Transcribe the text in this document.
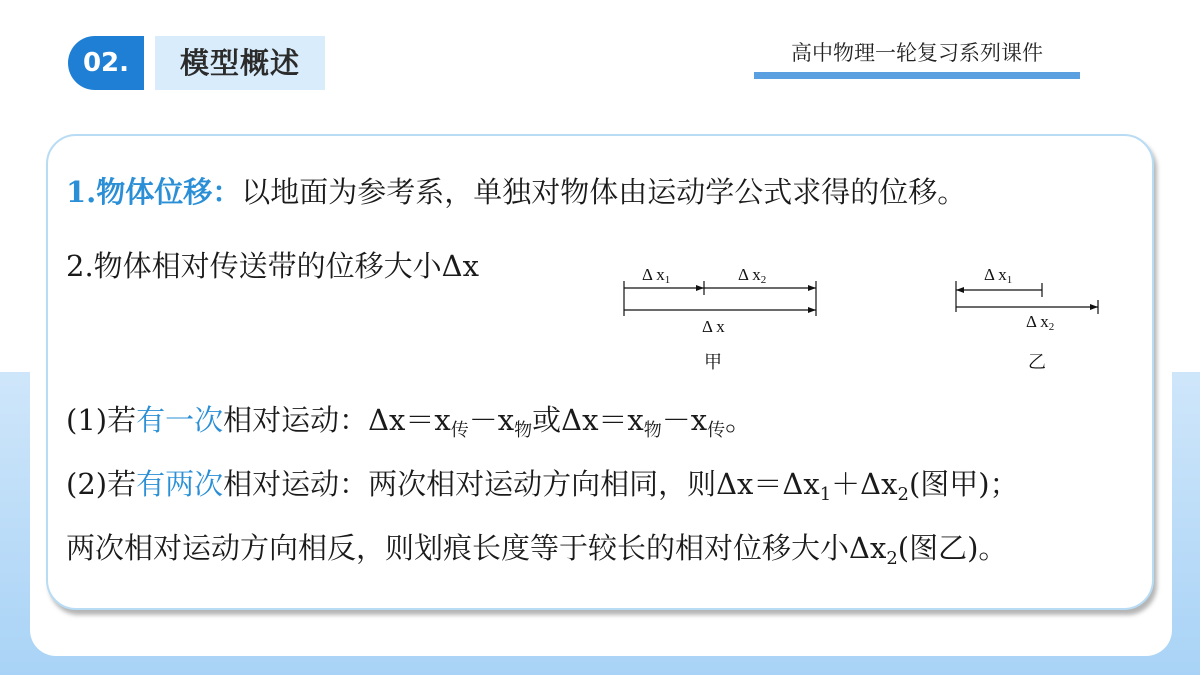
02.	模型概述	高中物理一轮复习系列课件
1.物体位移：以地面为参考系，单独对物体由运动学公式求得的位移。
2.物体相对传送带的位移大小Δx
(1)若有一次相对运动：$\Delta x=x_传-x_物$或$\Delta x=x_物-x_传$。
(2)若有两次相对运动：两次相对运动方向相同，则$\Delta x=\Delta x_1+\Delta x_2$(图甲)；
两次相对运动方向相反，则划痕长度等于较长的相对位移大小$\Delta x_2$(图乙)。
Δ x1	Δ x2
Δ x
甲
Δ x1
Δ x2
乙
